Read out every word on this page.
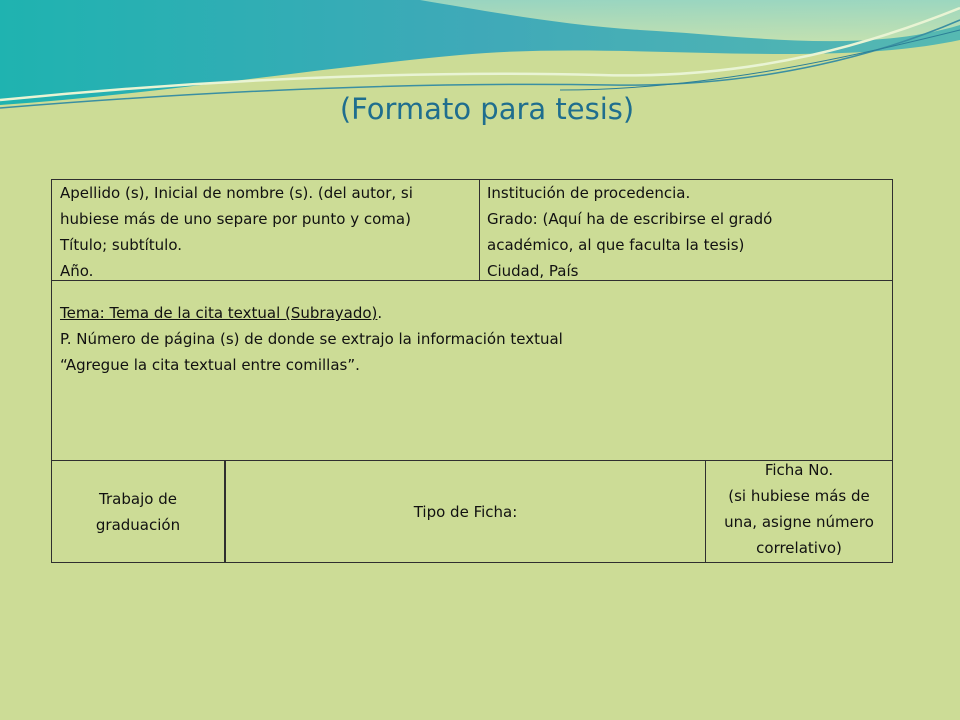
(Formato para tesis)
Apellido (s), Inicial de nombre (s). (del autor, si
hubiese más de uno separe por punto y coma)
Título; subtítulo.
Año.
Institución de procedencia.
Grado: (Aquí ha de escribirse el gradó
académico, al que faculta la tesis)
Ciudad, País
Tema: Tema de la cita textual (Subrayado).
P. Número de página (s) de donde se extrajo la información textual
“Agregue la cita textual entre comillas”.
Trabajo de graduación
Tipo de Ficha:
Ficha No.
(si hubiese más de
una, asigne número
correlativo)
